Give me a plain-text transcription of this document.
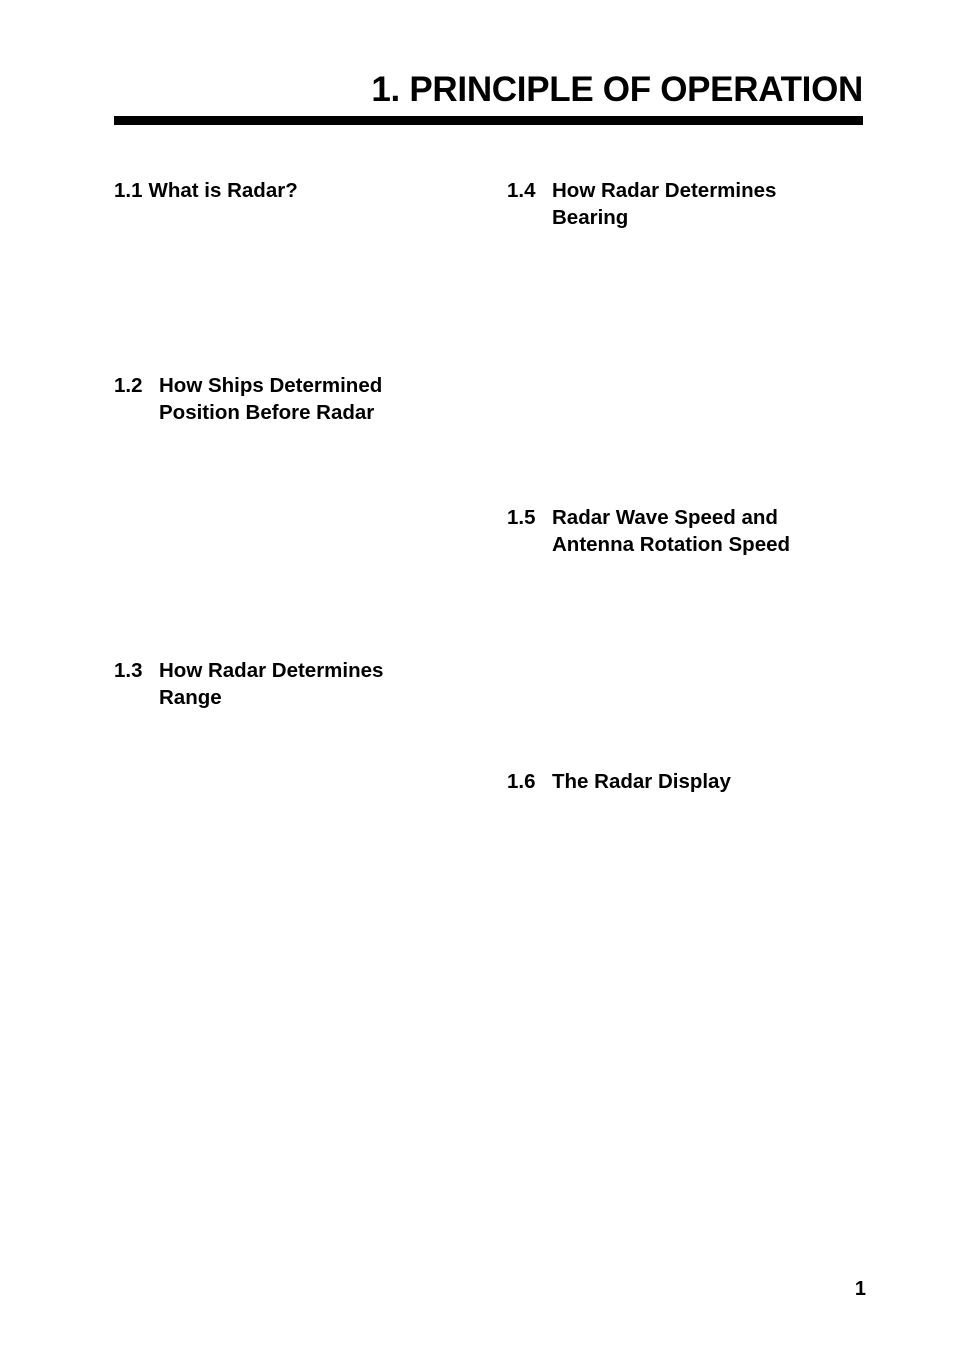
1. PRINCIPLE OF OPERATION
1.1 What is Radar?
1.2 How Ships Determined
Position Before Radar
1.3 How Radar Determines
Range
1.4 How Radar Determines
Bearing
1.5 Radar Wave Speed and
Antenna Rotation Speed
1.6 The Radar Display
1
